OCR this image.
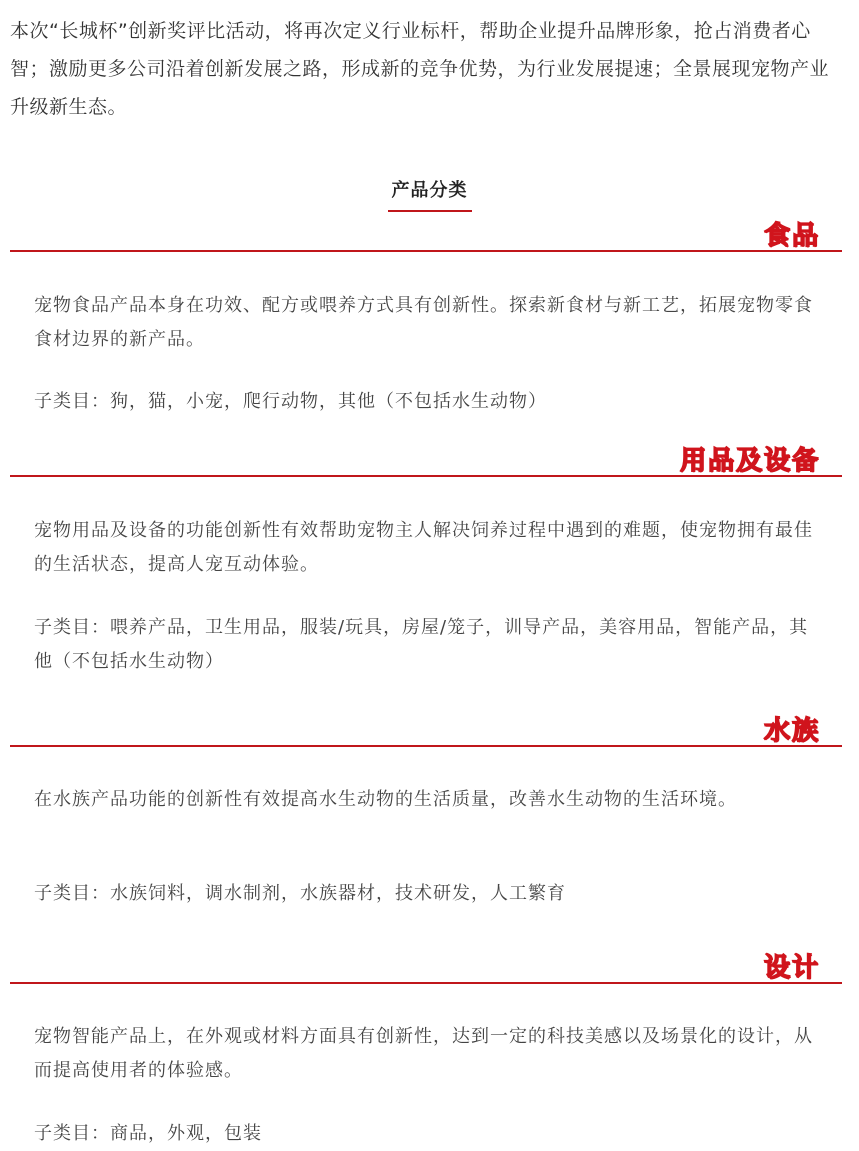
本次“长城杯”创新奖评比活动，将再次定义行业标杆，帮助企业提升品牌形象，抢占消费者心智；激励更多公司沿着创新发展之路，形成新的竞争优势，为行业发展提速；全景展现宠物产业升级新生态。

产品分类
食品

宠物食品产品本身在功效、配方或喂养方式具有创新性。探索新食材与新工艺，拓展宠物零食食材边界的新产品。

子类目：狗，猫，小宠，爬行动物，其他（不包括水生动物）

用品及设备

宠物用品及设备的功能创新性有效帮助宠物主人解决饲养过程中遇到的难题，使宠物拥有最佳的生活状态，提高人宠互动体验。

子类目：喂养产品，卫生用品，服装/玩具，房屋/笼子，训导产品，美容用品，智能产品，其他（不包括水生动物）

水族

在水族产品功能的创新性有效提高水生动物的生活质量，改善水生动物的生活环境。

子类目：水族饲料，调水制剂，水族器材，技术研发，人工繁育

设计

宠物智能产品上，在外观或材料方面具有创新性，达到一定的科技美感以及场景化的设计，从而提高使用者的体验感。

子类目：商品，外观，包装
